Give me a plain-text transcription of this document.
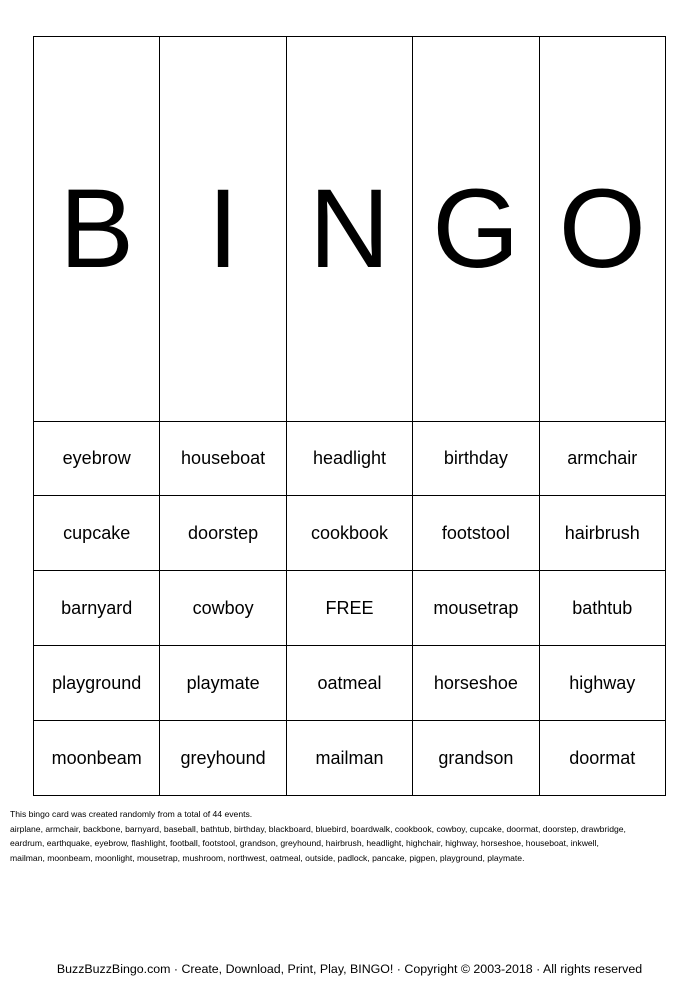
B	I	N	G	O
eyebrow	houseboat	headlight	birthday	armchair
cupcake	doorstep	cookbook	footstool	hairbrush
barnyard	cowboy	FREE	mousetrap	bathtub
playground	playmate	oatmeal	horseshoe	highway
moonbeam	greyhound	mailman	grandson	doormat
This bingo card was created randomly from a total of 44 events.
airplane, armchair, backbone, barnyard, baseball, bathtub, birthday, blackboard, bluebird, boardwalk, cookbook, cowboy, cupcake, doormat, doorstep, drawbridge,
eardrum, earthquake, eyebrow, flashlight, football, footstool, grandson, greyhound, hairbrush, headlight, highchair, highway, horseshoe, houseboat, inkwell,
mailman, moonbeam, moonlight, mousetrap, mushroom, northwest, oatmeal, outside, padlock, pancake, pigpen, playground, playmate.
BuzzBuzzBingo.com · Create, Download, Print, Play, BINGO! · Copyright © 2003-2018 · All rights reserved
